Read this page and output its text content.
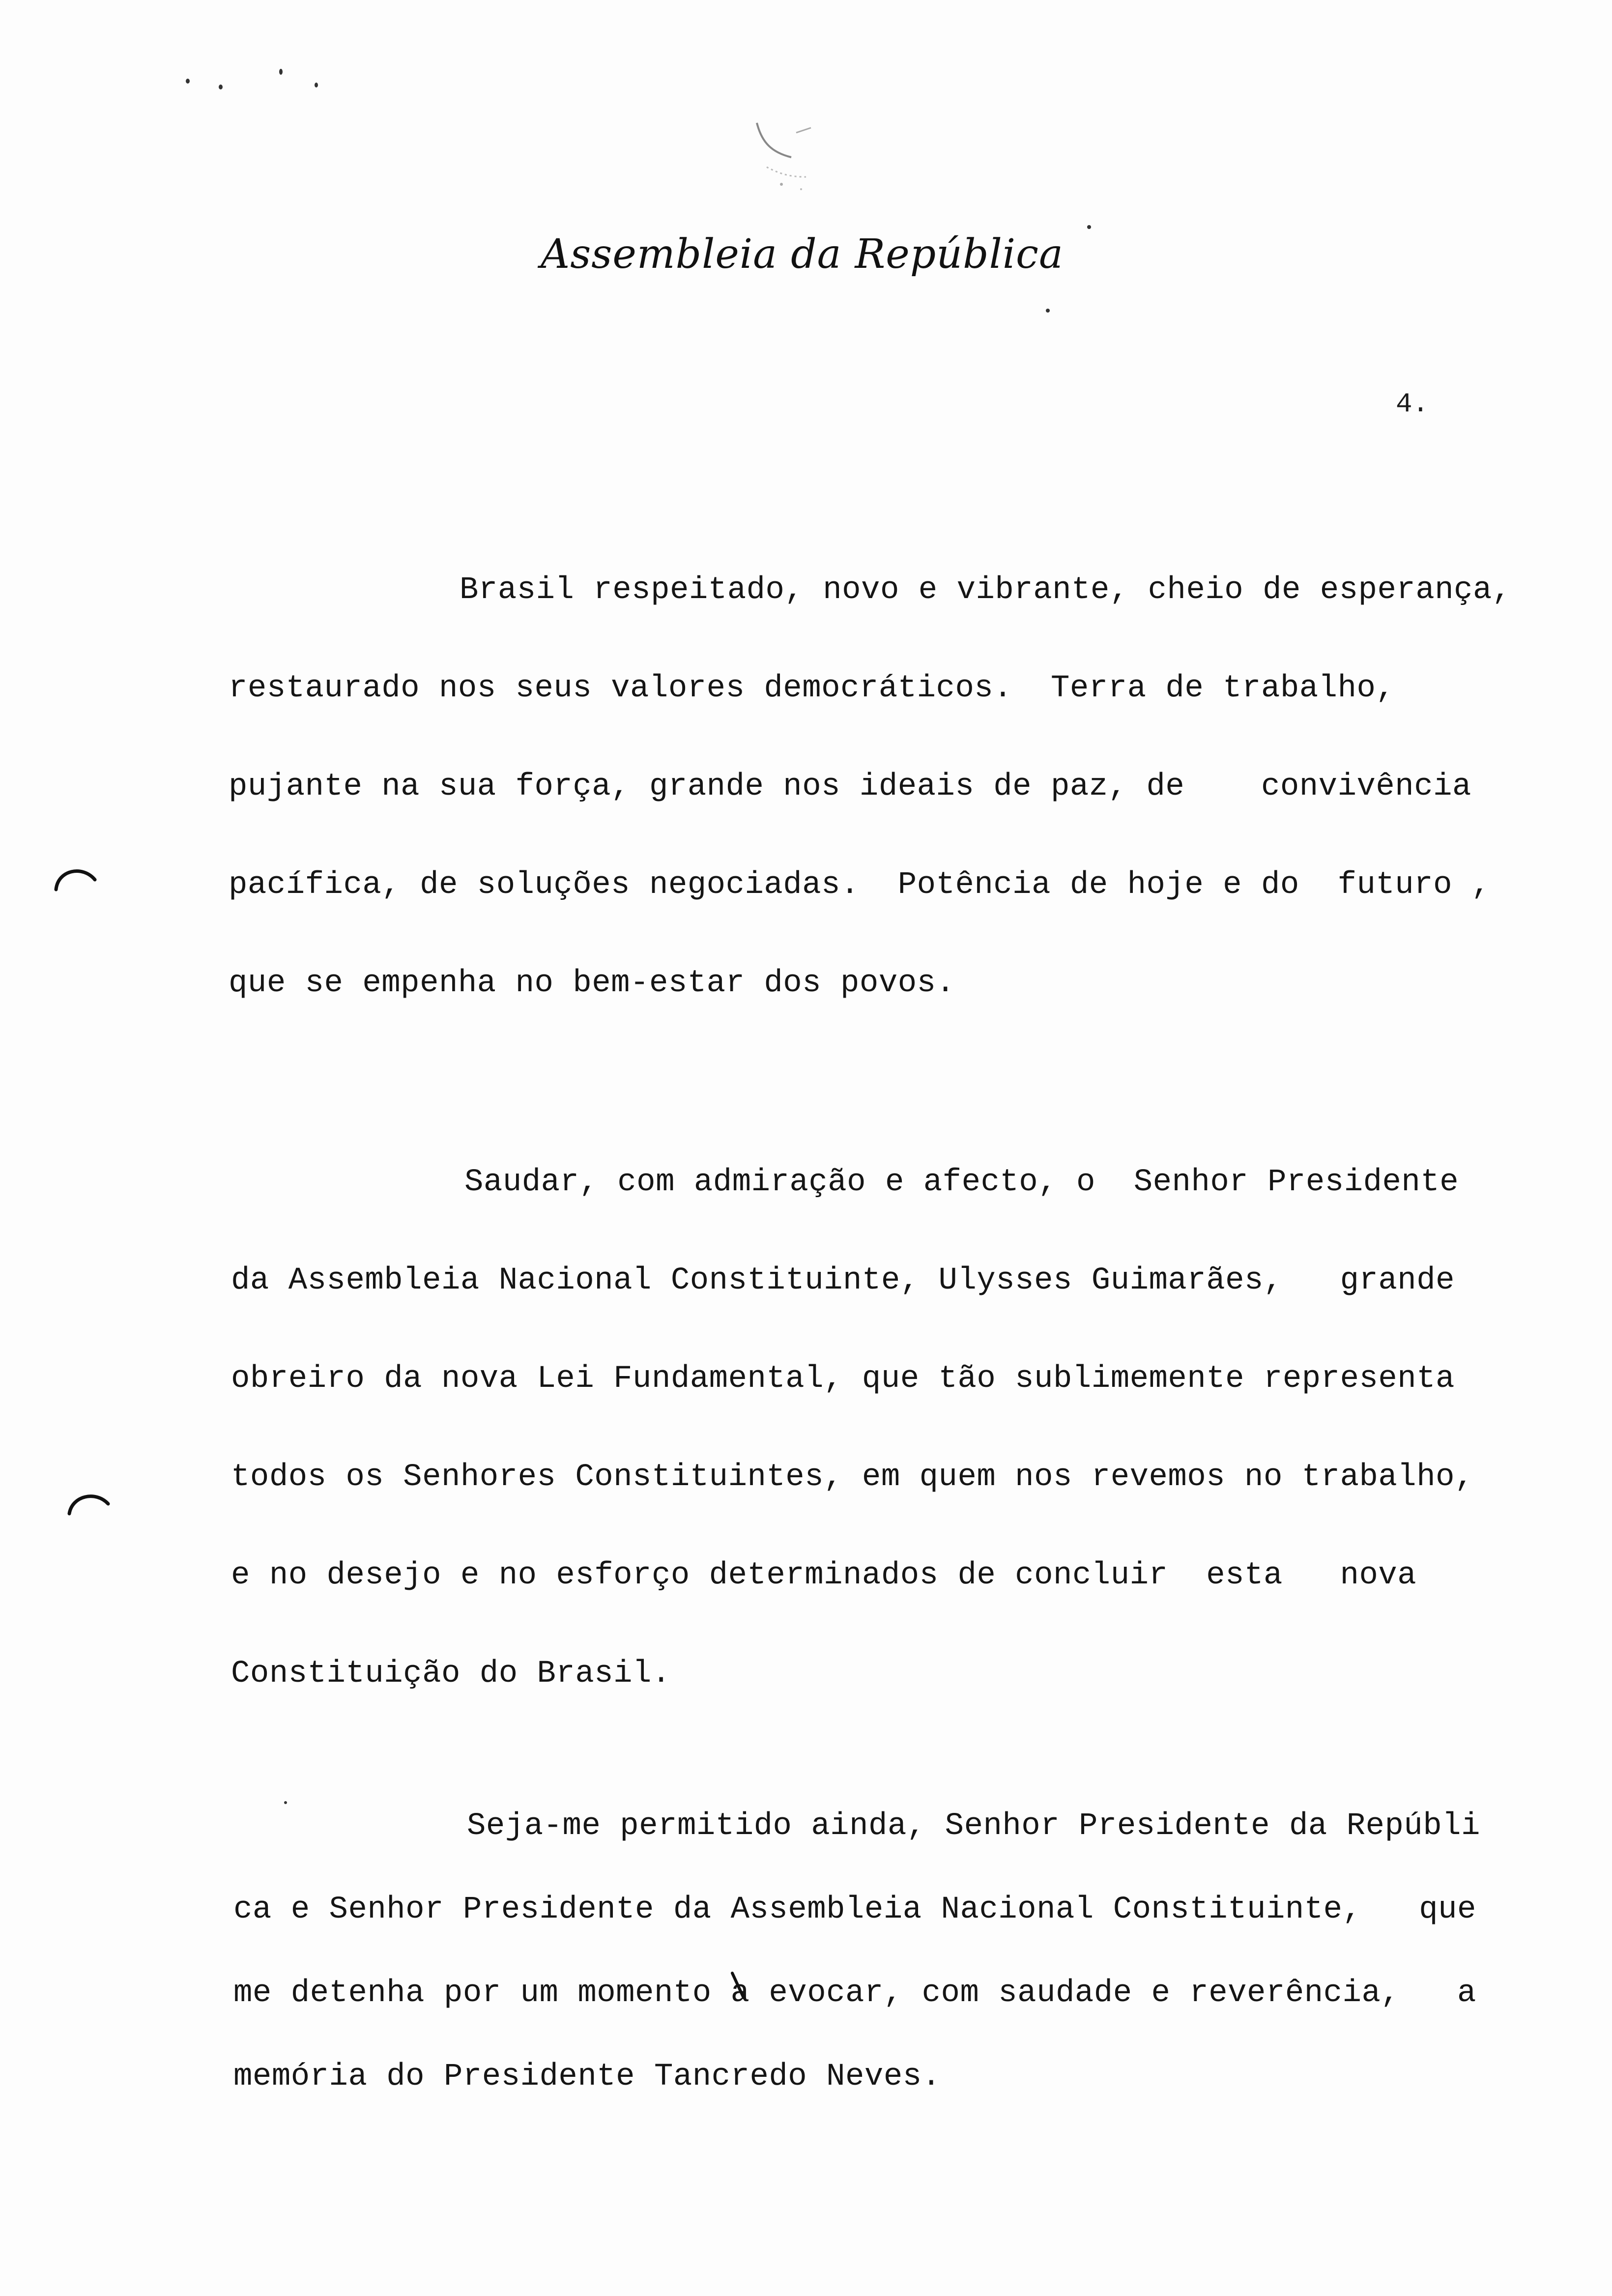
Assembleia da República
4.
Brasil respeitado, novo e vibrante, cheio de esperança,
restaurado nos seus valores democráticos.  Terra de trabalho,
pujante na sua força, grande nos ideais de paz, de    convivência
pacífica, de soluções negociadas.  Potência de hoje e do  futuro ,
que se empenha no bem-estar dos povos.
Saudar, com admiração e afecto, o  Senhor Presidente
da Assembleia Nacional Constituinte, Ulysses Guimarães,   grande
obreiro da nova Lei Fundamental, que tão sublimemente representa
todos os Senhores Constituintes, em quem nos revemos no trabalho,
e no desejo e no esforço determinados de concluir  esta   nova
Constituição do Brasil.
Seja-me permitido ainda, Senhor Presidente da Repúbli
ca e Senhor Presidente da Assembleia Nacional Constituinte,   que
me detenha por um momento a evocar, com saudade e reverência,   a
memória do Presidente Tancredo Neves.
